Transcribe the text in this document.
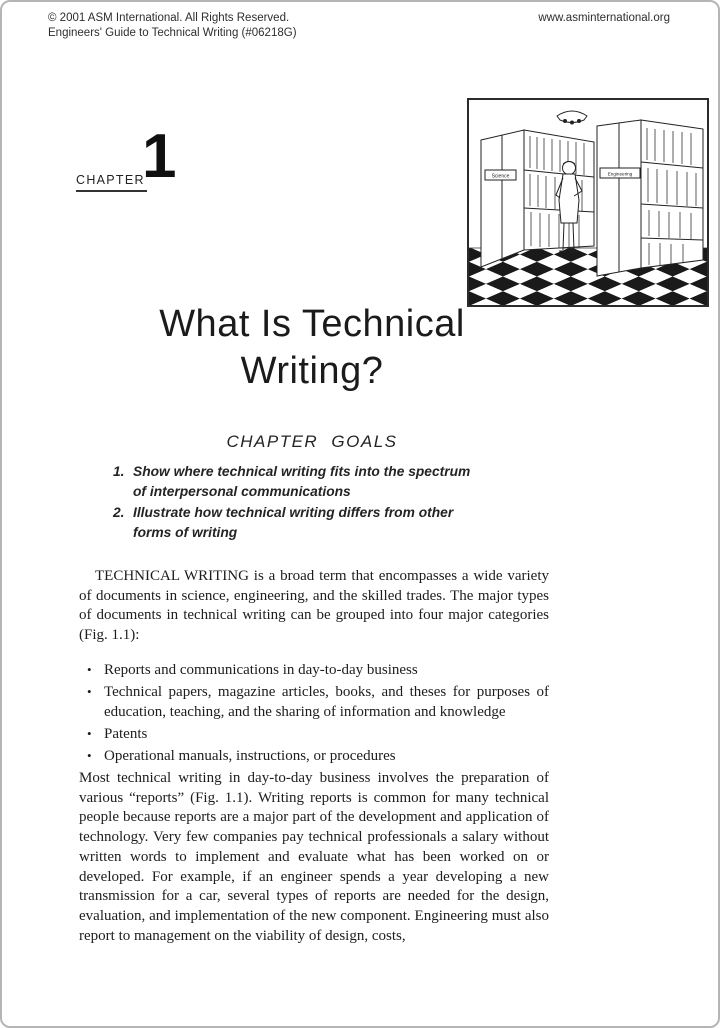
© 2001 ASM International. All Rights Reserved.
Engineers' Guide to Technical Writing (#06218G)
www.asminternational.org
CHAPTER
1	Science	Engineering
What Is Technical
Writing?
CHAPTER GOALS
1. Show where technical writing fits into the spectrum of interpersonal communications
2. Illustrate how technical writing differs from other forms of writing
TECHNICAL WRITING is a broad term that encompasses a wide variety of documents in science, engineering, and the skilled trades. The major types of documents in technical writing can be grouped into four major categories (Fig. 1.1):
• Reports and communications in day-to-day business
• Technical papers, magazine articles, books, and theses for purposes of education, teaching, and the sharing of information and knowledge
• Patents
• Operational manuals, instructions, or procedures
Most technical writing in day-to-day business involves the preparation of various “reports” (Fig. 1.1). Writing reports is common for many technical people because reports are a major part of the development and application of technology. Very few companies pay technical professionals a salary without written words to implement and evaluate what has been worked on or developed. For example, if an engineer spends a year developing a new transmission for a car, several types of reports are needed for the design, evaluation, and implementation of the new component. Engineering must also report to management on the viability of design, costs,
